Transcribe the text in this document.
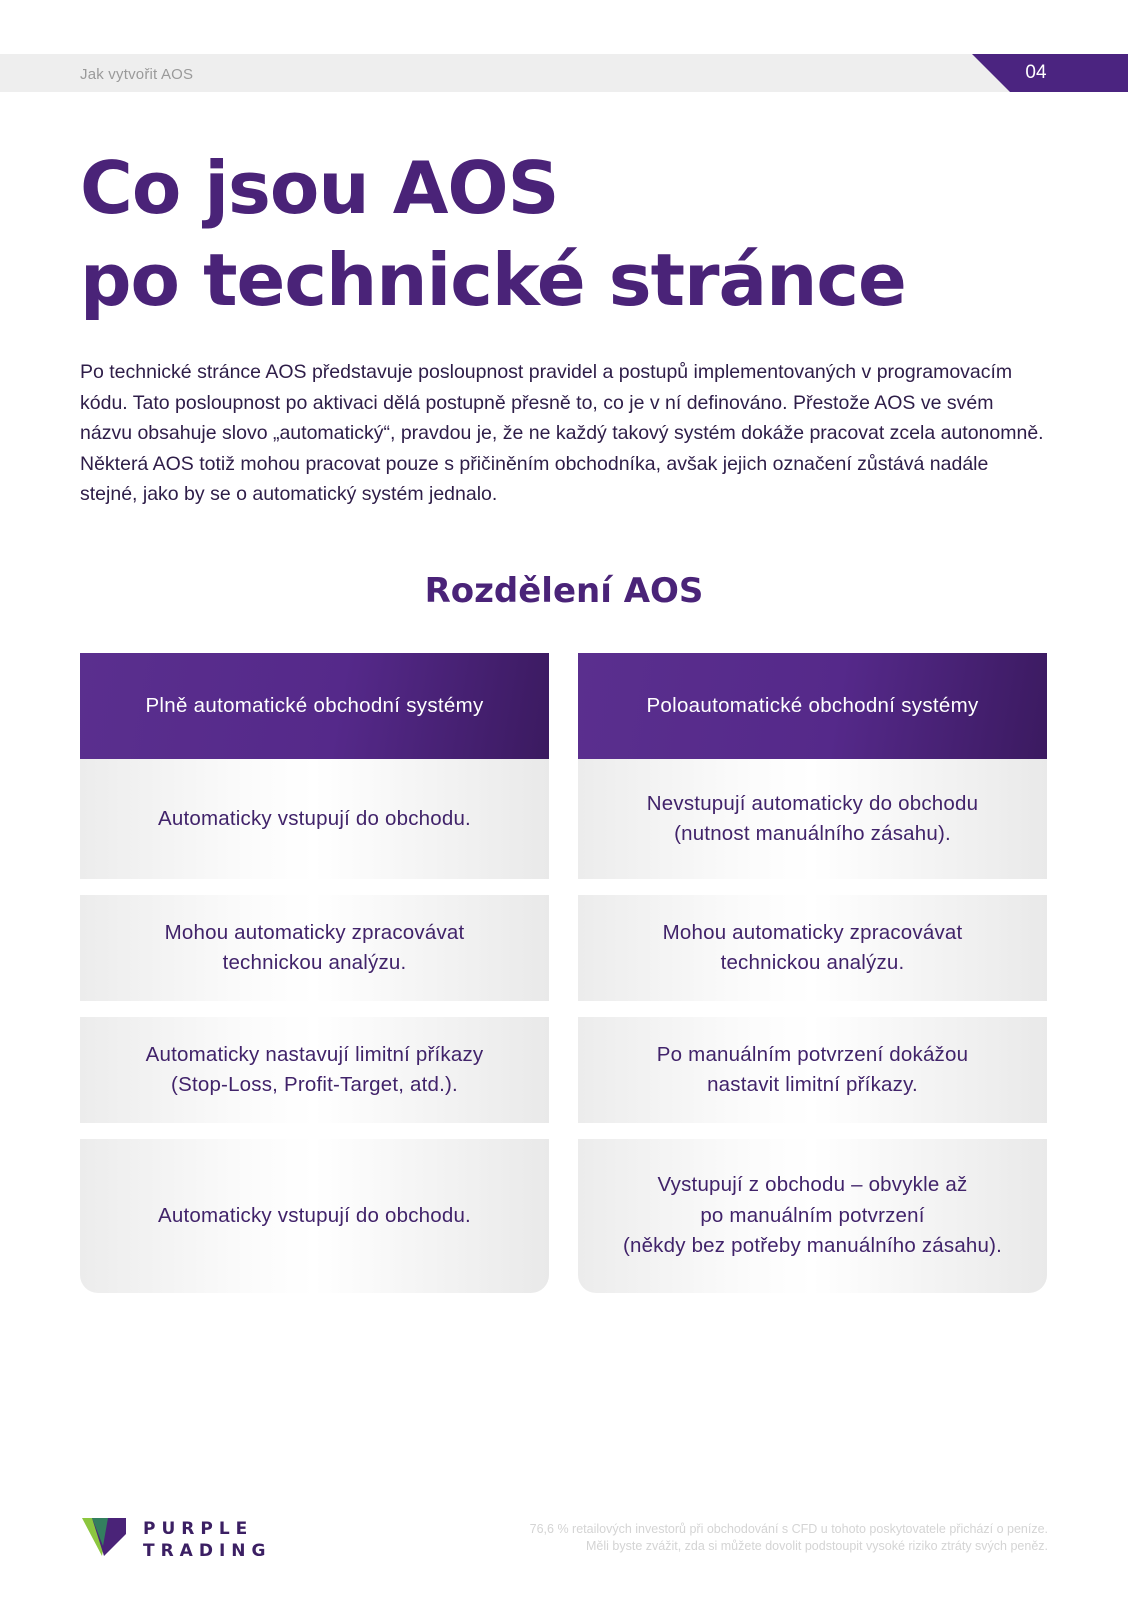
Jak vytvořit AOS	04
Co jsou AOS
po technické stránce

Po technické stránce AOS představuje posloupnost pravidel a postupů implementovaných v programovacím kódu. Tato posloupnost po aktivaci dělá postupně přesně to, co je v ní definováno. Přestože AOS ve svém názvu obsahuje slovo „automatický“, pravdou je, že ne každý takový systém dokáže pracovat zcela autonomně. Některá AOS totiž mohou pracovat pouze s přičiněním obchodníka, avšak jejich označení zůstává nadále stejné, jako by se o automatický systém jednalo.

Rozdělení AOS
Plně automatické obchodní systémy
Automaticky vstupují do obchodu.
Mohou automaticky zpracovávat
technickou analýzu.
Automaticky nastavují limitní příkazy
(Stop-Loss, Profit-Target, atd.).
Automaticky vstupují do obchodu.
Poloautomatické obchodní systémy
Nevstupují automaticky do obchodu
(nutnost manuálního zásahu).
Mohou automaticky zpracovávat
technickou analýzu.
Po manuálním potvrzení dokážou
nastavit limitní příkazy.
Vystupují z obchodu – obvykle až
po manuálním potvrzení
(někdy bez potřeby manuálního zásahu).
PURPLE
TRADING
76,6 % retailových investorů při obchodování s CFD u tohoto poskytovatele přichází o peníze.
Měli byste zvážit, zda si můžete dovolit podstoupit vysoké riziko ztráty svých peněz.
